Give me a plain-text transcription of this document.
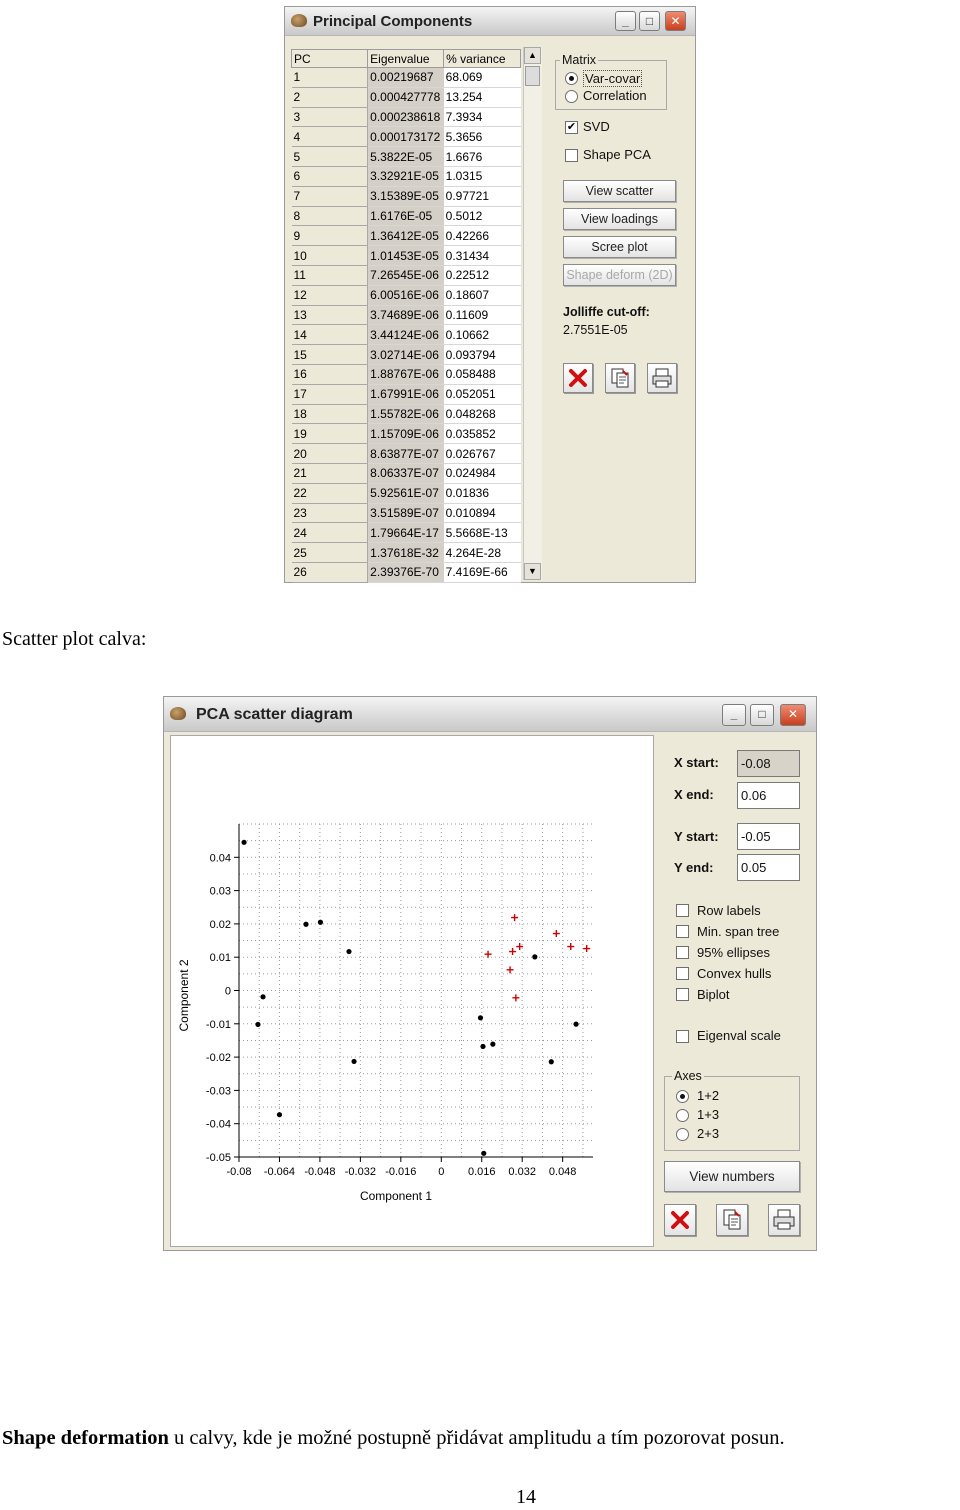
Principal Components	_	□	✕
PC	Eigenvalue	% variance
1	0.00219687	68.069
2	0.000427778	13.254
3	0.000238618	7.3934
4	0.000173172	5.3656
5	5.3822E-05	1.6676
6	3.32921E-05	1.0315
7	3.15389E-05	0.97721
8	1.6176E-05	0.5012
9	1.36412E-05	0.42266
10	1.01453E-05	0.31434
11	7.26545E-06	0.22512
12	6.00516E-06	0.18607
13	3.74689E-06	0.11609
14	3.44124E-06	0.10662
15	3.02714E-06	0.093794
16	1.88767E-06	0.058488
17	1.67991E-06	0.052051
18	1.55782E-06	0.048268
19	1.15709E-06	0.035852
20	8.63877E-07	0.026767
21	8.06337E-07	0.024984
22	5.92561E-07	0.01836
23	3.51589E-07	0.010894
24	1.79664E-17	5.5668E-13
25	1.37618E-32	4.264E-28
26	2.39376E-70	7.4169E-66
▲
▼
Matrix
Var-covar
Correlation
✔ SVD
Shape PCA
View scatter
View loadings
Scree plot
Shape deform (2D)
Jolliffe cut-off:
2.7551E-05
Scatter plot calva:
PCA scatter diagram	_	□	✕
-0.08 -0.064 -0.048 -0.032 -0.016 0 0.016 0.032 0.048
0.04
0.03
0.02
0.01
0
-0.01
-0.02
-0.03
-0.04
-0.05
Component 1
Component 2
X start:
-0.08
X end:
0.06
Y start:
-0.05
Y end:
0.05
Row labels
Min. span tree
95% ellipses
Convex hulls
Biplot
Eigenval scale
Axes
1+2
1+3
2+3
View numbers
Shape deformation u calvy, kde je možné postupně přidávat amplitudu a tím pozorovat posun.
14
